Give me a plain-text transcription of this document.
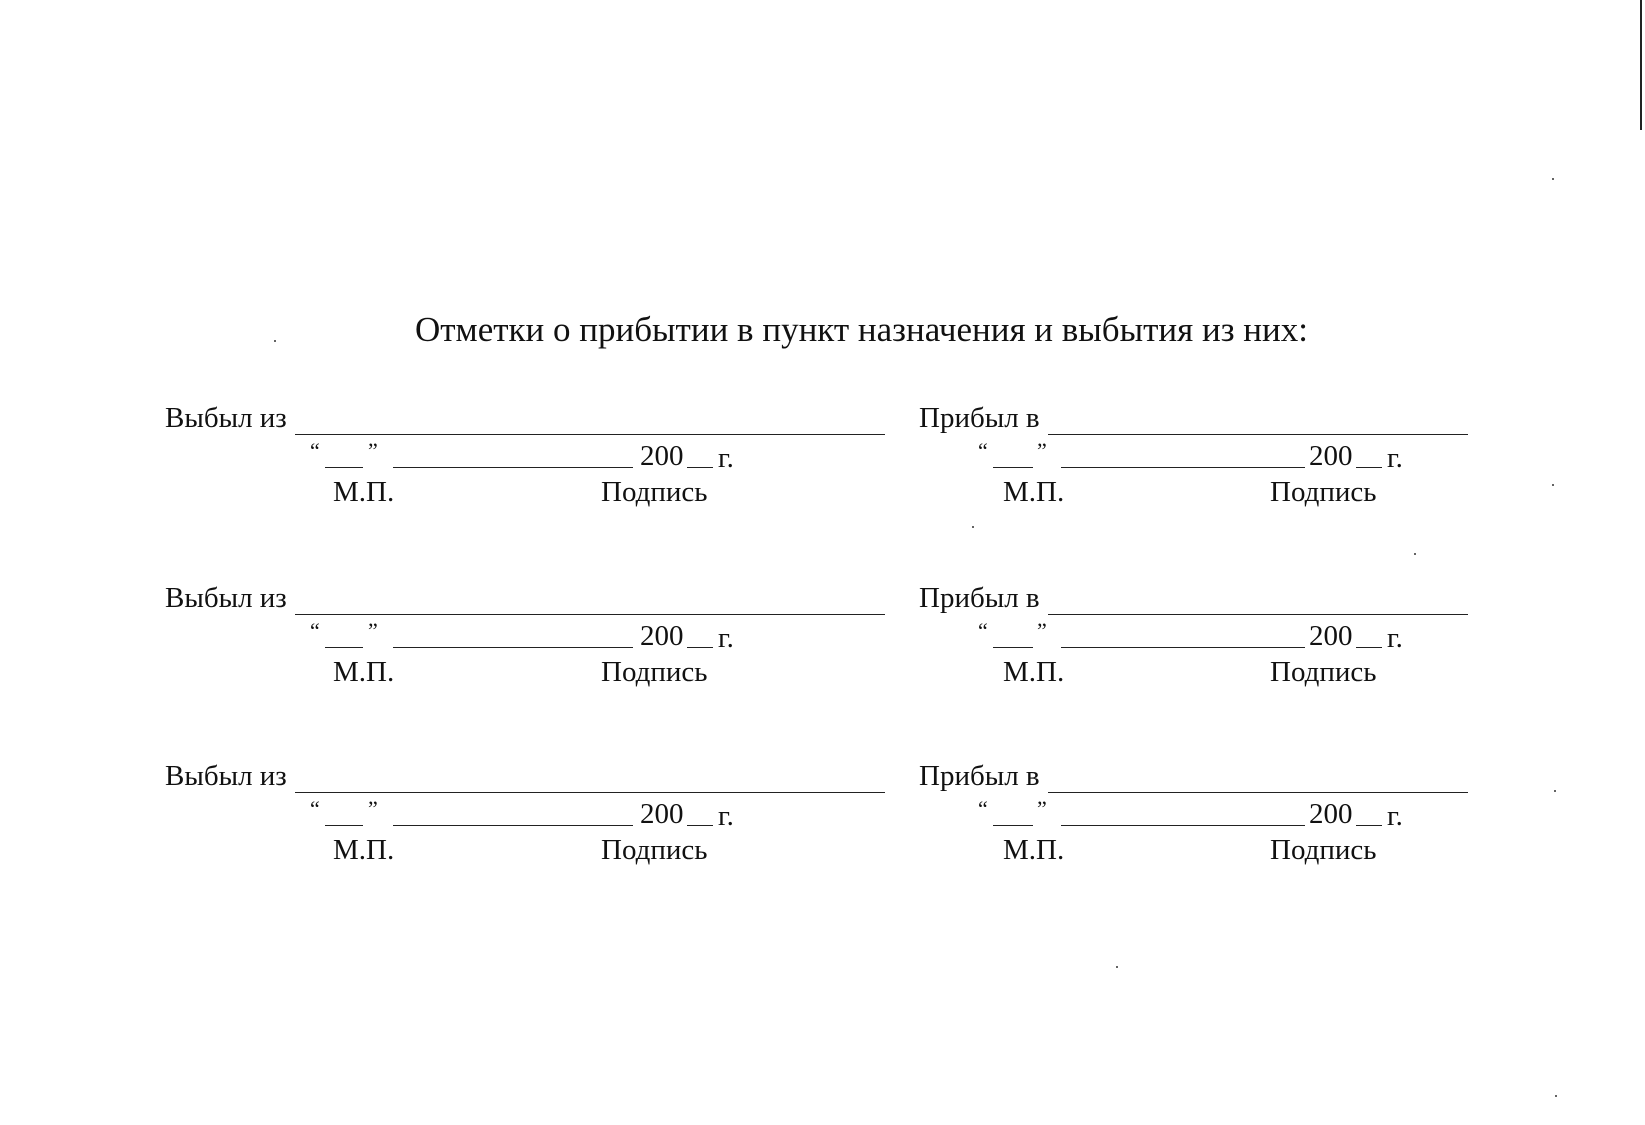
Отметки о прибытии в пункт назначения и выбытия из них:
Выбыл из
“ ”	200 г.
М.П.	Подпись
Прибыл в
“ ”	200 г.
М.П.	Подпись
Выбыл из
“ ”	200 г.
М.П.	Подпись
Прибыл в
“ ”	200 г.
М.П.	Подпись
Выбыл из
“ ”	200 г.
М.П.	Подпись
Прибыл в
“ ”	200 г.
М.П.	Подпись
